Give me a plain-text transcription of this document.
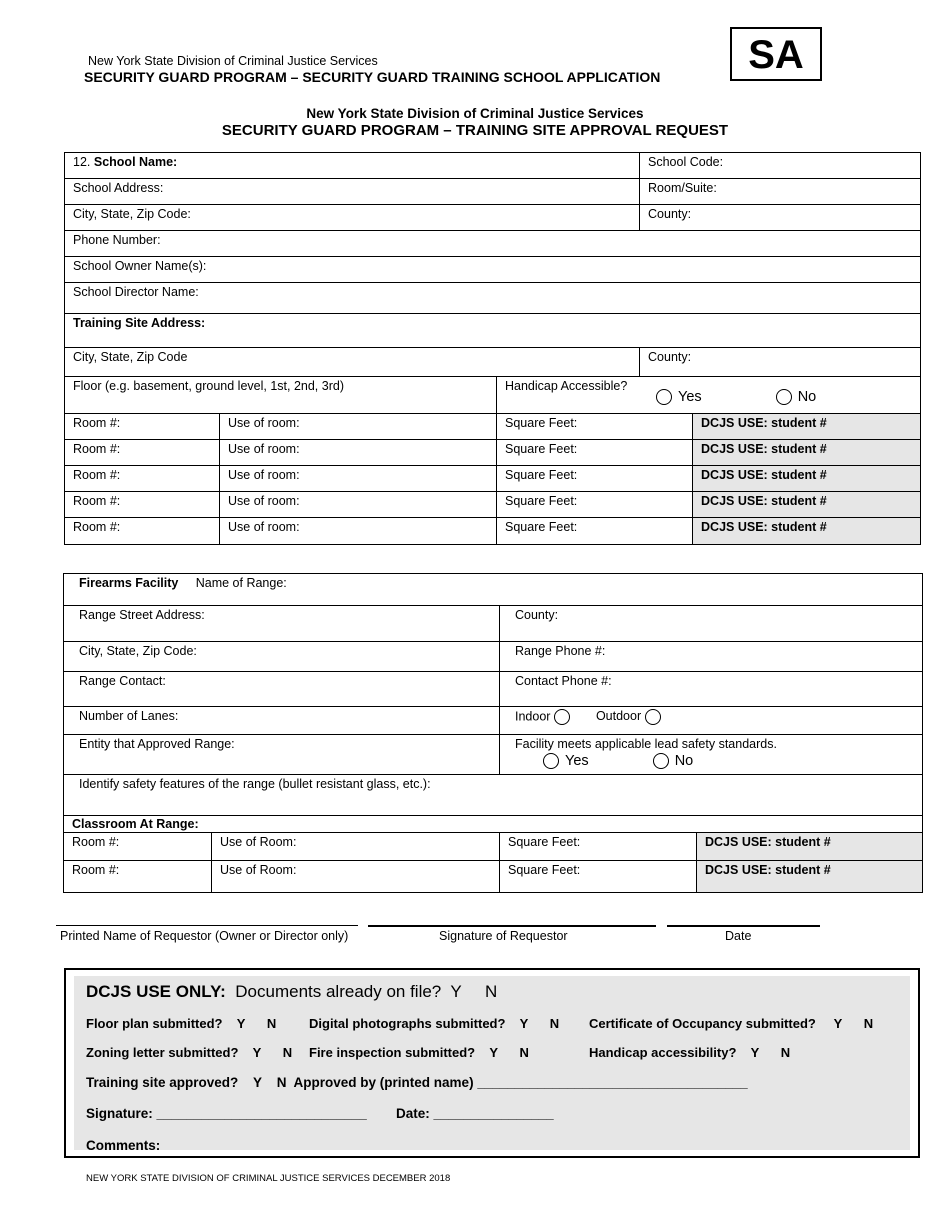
New York State Division of Criminal Justice Services
SECURITY GUARD PROGRAM – SECURITY GUARD TRAINING SCHOOL APPLICATION	SA
New York State Division of Criminal Justice Services
SECURITY GUARD PROGRAM – TRAINING SITE APPROVAL REQUEST
12. School Name:			School Code:	
School Address:			Room/Suite:	
City, State, Zip Code:			County:	
Phone Number:				
School Owner Name(s):				
School Director Name:				
Training Site Address:				
City, State, Zip Code			County:	
Floor (e.g. basement, ground level, 1st, 2nd, 3rd)		Handicap Accessible?
Yes No		

Room #:	Use of room:	Square Feet:		DCJS USE: student #
Room #:	Use of room:	Square Feet:		DCJS USE: student #
Room #:	Use of room:	Square Feet:		DCJS USE: student #
Room #:	Use of room:	Square Feet:		DCJS USE: student #
Room #:	Use of room:	Square Feet:		DCJS USE: student #
Firearms Facility Name of Range:			
Range Street Address:		County:	
City, State, Zip Code:		Range Phone #:	
Range Contact:		Contact Phone #:	
Number of Lanes:		Indoor Outdoor	
Entity that Approved Range:		Facility meets applicable lead safety standards.
Yes No	

Identify safety features of the range (bullet resistant glass, etc.):			
Classroom At Range:			
Room #:	Use of Room:	Square Feet:	DCJS USE: student #
Room #:	Use of Room:	Square Feet:	DCJS USE: student #
Printed Name of Requestor (Owner or Director only)	Signature of Requestor	Date
DCJS USE ONLY: Documents already on file?  Y     N
Floor plan submitted?    Y      N	Digital photographs submitted?    Y      N Certificate of Occupancy submitted?     Y      N
Zoning letter submitted?    Y      N Fire inspection submitted?    Y      N	Handicap accessibility?    Y      N
Training site approved?    Y    N  Approved by (printed name) ____________________________________
Signature: ____________________________ Date: ________________
Comments:
NEW YORK STATE DIVISION OF CRIMINAL JUSTICE SERVICES DECEMBER 2018
